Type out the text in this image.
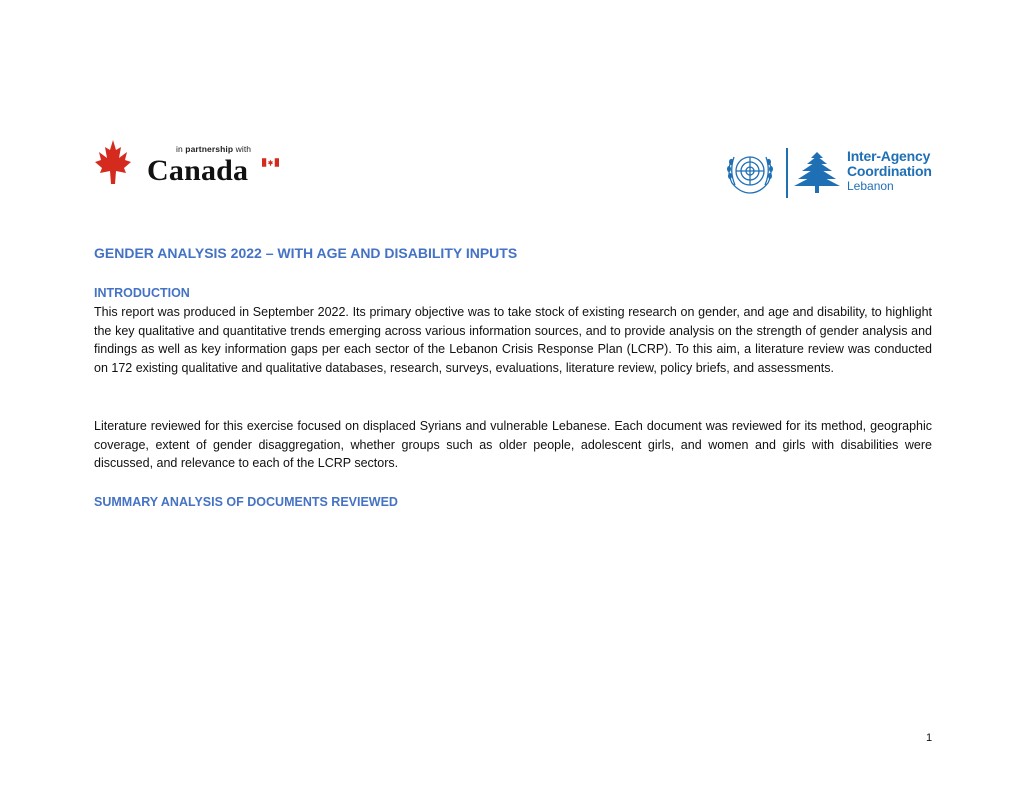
in partnership with
Canada	Inter-Agency
Coordination
Lebanon
GENDER ANALYSIS 2022 – WITH AGE AND DISABILITY INPUTS
INTRODUCTION

This report was produced in September 2022. Its primary objective was to take stock of existing research on gender, and age and disability, to highlight the key qualitative and quantitative trends emerging across various information sources, and to provide analysis on the strength of gender analysis and findings as well as key information gaps per each sector of the Lebanon Crisis Response Plan (LCRP). To this aim, a literature review was conducted on 172 existing qualitative and qualitative databases, research, surveys, evaluations, literature review, policy briefs, and assessments.

Literature reviewed for this exercise focused on displaced Syrians and vulnerable Lebanese. Each document was reviewed for its method, geographic coverage, extent of gender disaggregation, whether groups such as older people, adolescent girls, and women and girls with disabilities were discussed, and relevance to each of the LCRP sectors.

SUMMARY ANALYSIS OF DOCUMENTS REVIEWED
1
